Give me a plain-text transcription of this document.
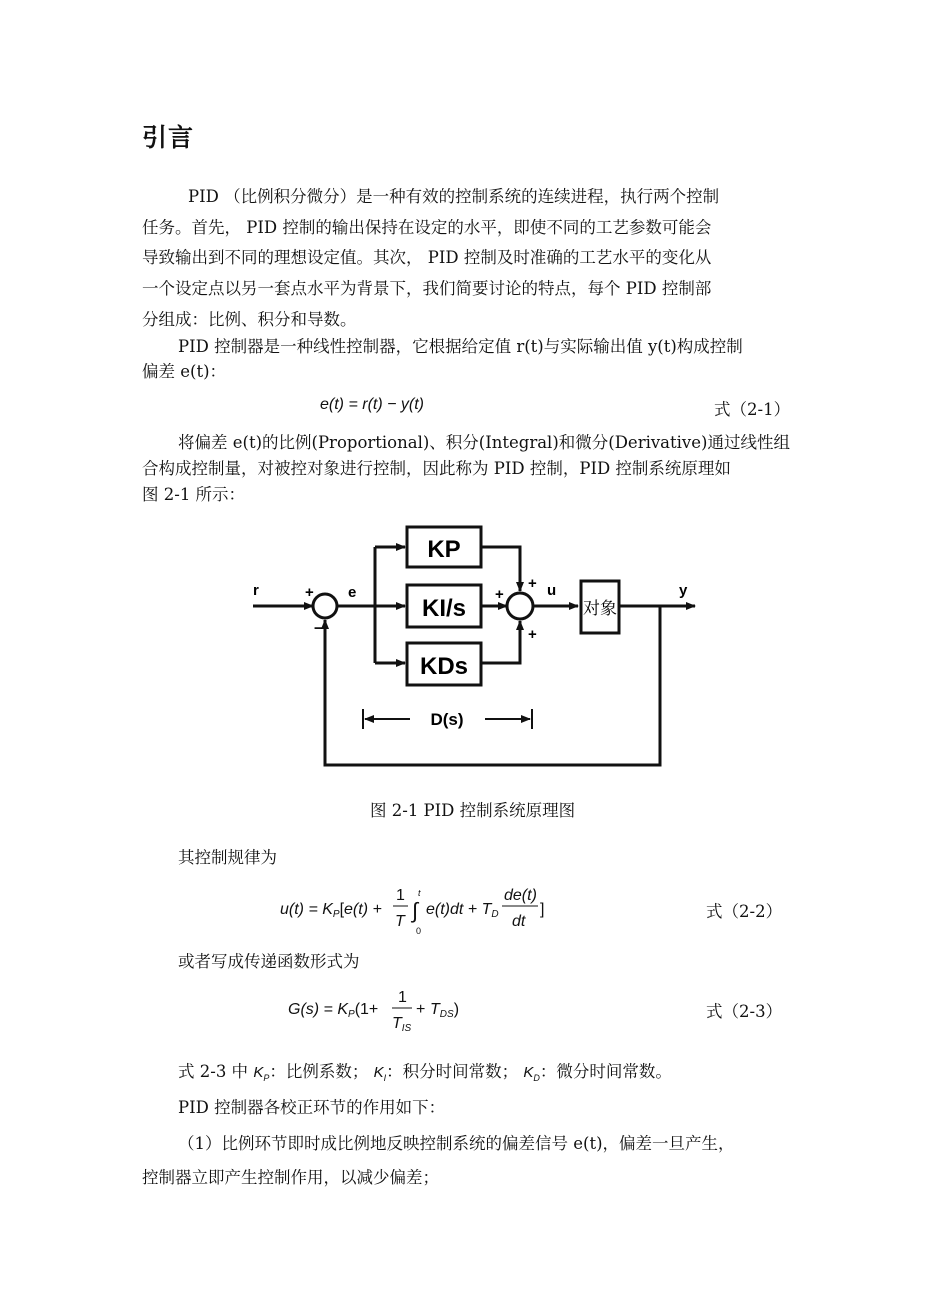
引言
PID （比例积分微分）是一种有效的控制系统的连续进程，执行两个控制
任务。首先， PID 控制的输出保持在设定的水平，即使不同的工艺参数可能会
导致输出到不同的理想设定值。其次， PID 控制及时准确的工艺水平的变化从
一个设定点以另一套点水平为背景下，我们简要讨论的特点，每个 PID 控制部
分组成：比例、积分和导数。
PID 控制器是一种线性控制器，它根据给定值 r(t)与实际输出值 y(t)构成控制
偏差 e(t)：
e(t) = r(t) − y(t)	式（2-1）
将偏差 e(t)的比例(Proportional)、积分(Integral)和微分(Derivative)通过线性组
合构成控制量，对被控对象进行控制，因此称为 PID 控制，PID 控制系统原理如
图 2-1 所示：
r	+
−
e
KP
KI/s
KDs
+
+
+
u
对象
y
D(s)
图 2-1 PID 控制系统原理图
其控制规律为
u(t) = KP[e(t) +
1
T ∫
t
0
e(t)dt + TD
de(t)
dt
]	式（2-2）
或者写成传递函数形式为
G(s) = KP(1+
1
TIS
+ TDS)	式（2-3）
式 2-3 中 $K_P$：比例系数； $K_I$：积分时间常数； $K_D$：微分时间常数。
PID 控制器各校正环节的作用如下：
（1）比例环节即时成比例地反映控制系统的偏差信号 e(t)，偏差一旦产生，
控制器立即产生控制作用，以减少偏差；
